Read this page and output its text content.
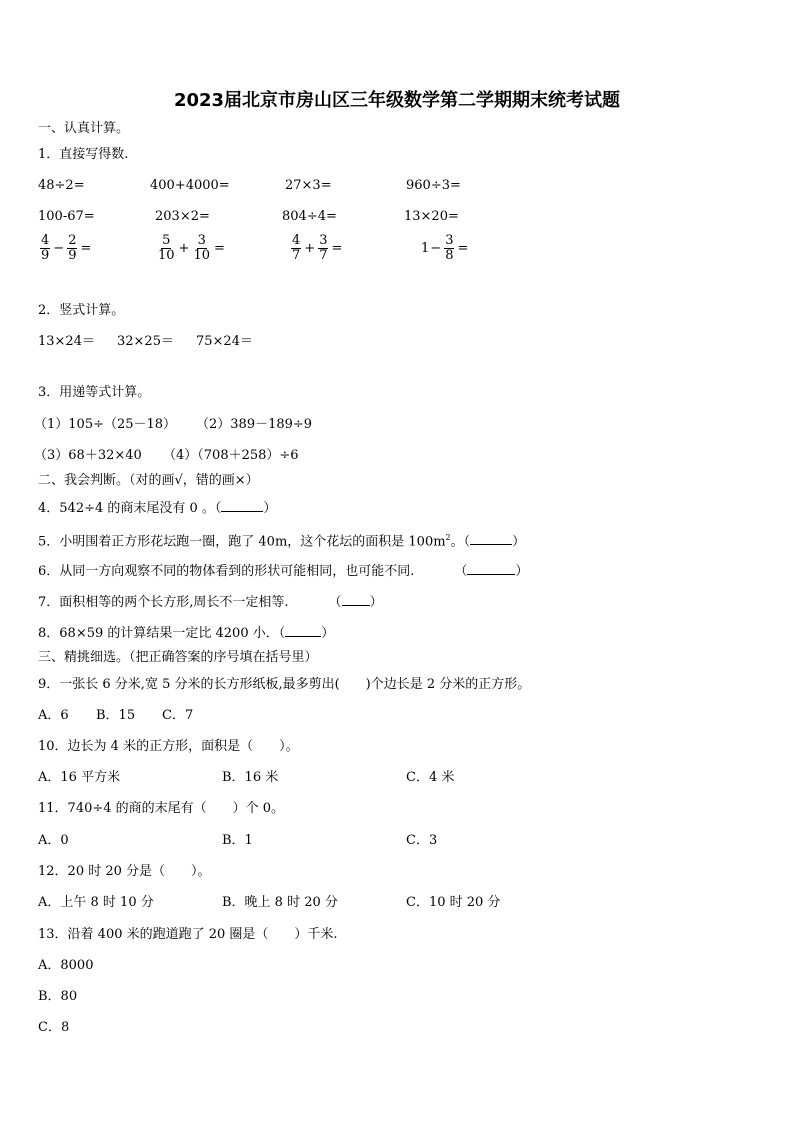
2023届北京市房山区三年级数学第二学期期末统考试题
一、认真计算。
1．直接写得数.
48÷2=	400+4000=	27×3=	960÷3=
100-67=	203×2=	804÷4=	13×20=
$\frac{4}{9} - \frac{2}{9}$ =	$\frac{5}{10} + \frac{3}{10}$ =	$\frac{4}{7} + \frac{3}{7}$ =	$1 - \frac{3}{8}$ =
2．竖式计算。
13×24＝ 32×25＝ 75×24＝
3．用递等式计算。
（1）105÷（25－18） （2）389－189÷9
（3）68＋32×40 （4）（708＋258）÷6
二、我会判断。（对的画√，错的画×）
4．542÷4 的商末尾没有 0 。（	）
5．小明围着正方形花坛跑一圈，跑了 40m，这个花坛的面积是 $100m^2$。（	）
6．从同一方向观察不同的物体看到的形状可能相同，也可能不同.	（	）
7．面积相等的两个长方形,周长不一定相等.	（ ）
8．68×59 的计算结果一定比 4200 小．（	）
三、精挑细选。（把正确答案的序号填在括号里）
9．一张长 6 分米,宽 5 分米的长方形纸板,最多剪出(　　)个边长是 2 分米的正方形。
A．6 B．15 C．7
10．边长为 4 米的正方形，面积是（　　）。
A．16 平方米	B．16 米	C．4 米
11．740÷4 的商的末尾有（　　）个 0。
A．0	B．1	C．3
12．20 时 20 分是（　　）。
A．上午 8 时 10 分	B．晚上 8 时 20 分	C．10 时 20 分
13．沿着 400 米的跑道跑了 20 圈是（　　）千米.
A．8000
B．80
C．8
